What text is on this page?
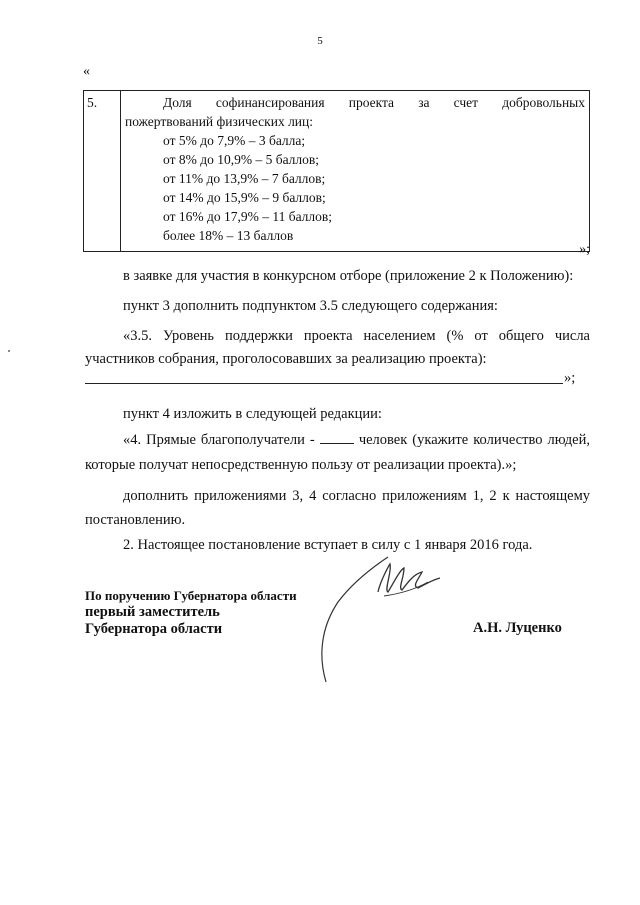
5
«
5.	Доля софинансирования проекта за счет добровольных
пожертвований физических лиц:
от 5% до 7,9% – 3 балла;
от 8% до 10,9% – 5 баллов;
от 11% до 13,9% – 7 баллов;
от 14% до 15,9% – 9 баллов;
от 16% до 17,9% – 11 баллов;
более 18% – 13 баллов
»;
в заявке для участия в конкурсном отборе (приложение 2 к Положению):
пункт 3 дополнить подпунктом 3.5 следующего содержания:
«3.5. Уровень поддержки проекта населением (% от общего числа
участников собрания, проголосовавших за реализацию проекта):
»;
пункт 4 изложить в следующей редакции:
«4. Прямые благополучатели -	человек (укажите количество людей,
которые получат непосредственную пользу от реализации проекта).»;
дополнить приложениями 3, 4 согласно приложениям 1, 2 к настоящему
постановлению.
2. Настоящее постановление вступает в силу с 1 января 2016 года.
По поручению Губернатора области
первый заместитель
Губернатора области	А.Н. Луценко
